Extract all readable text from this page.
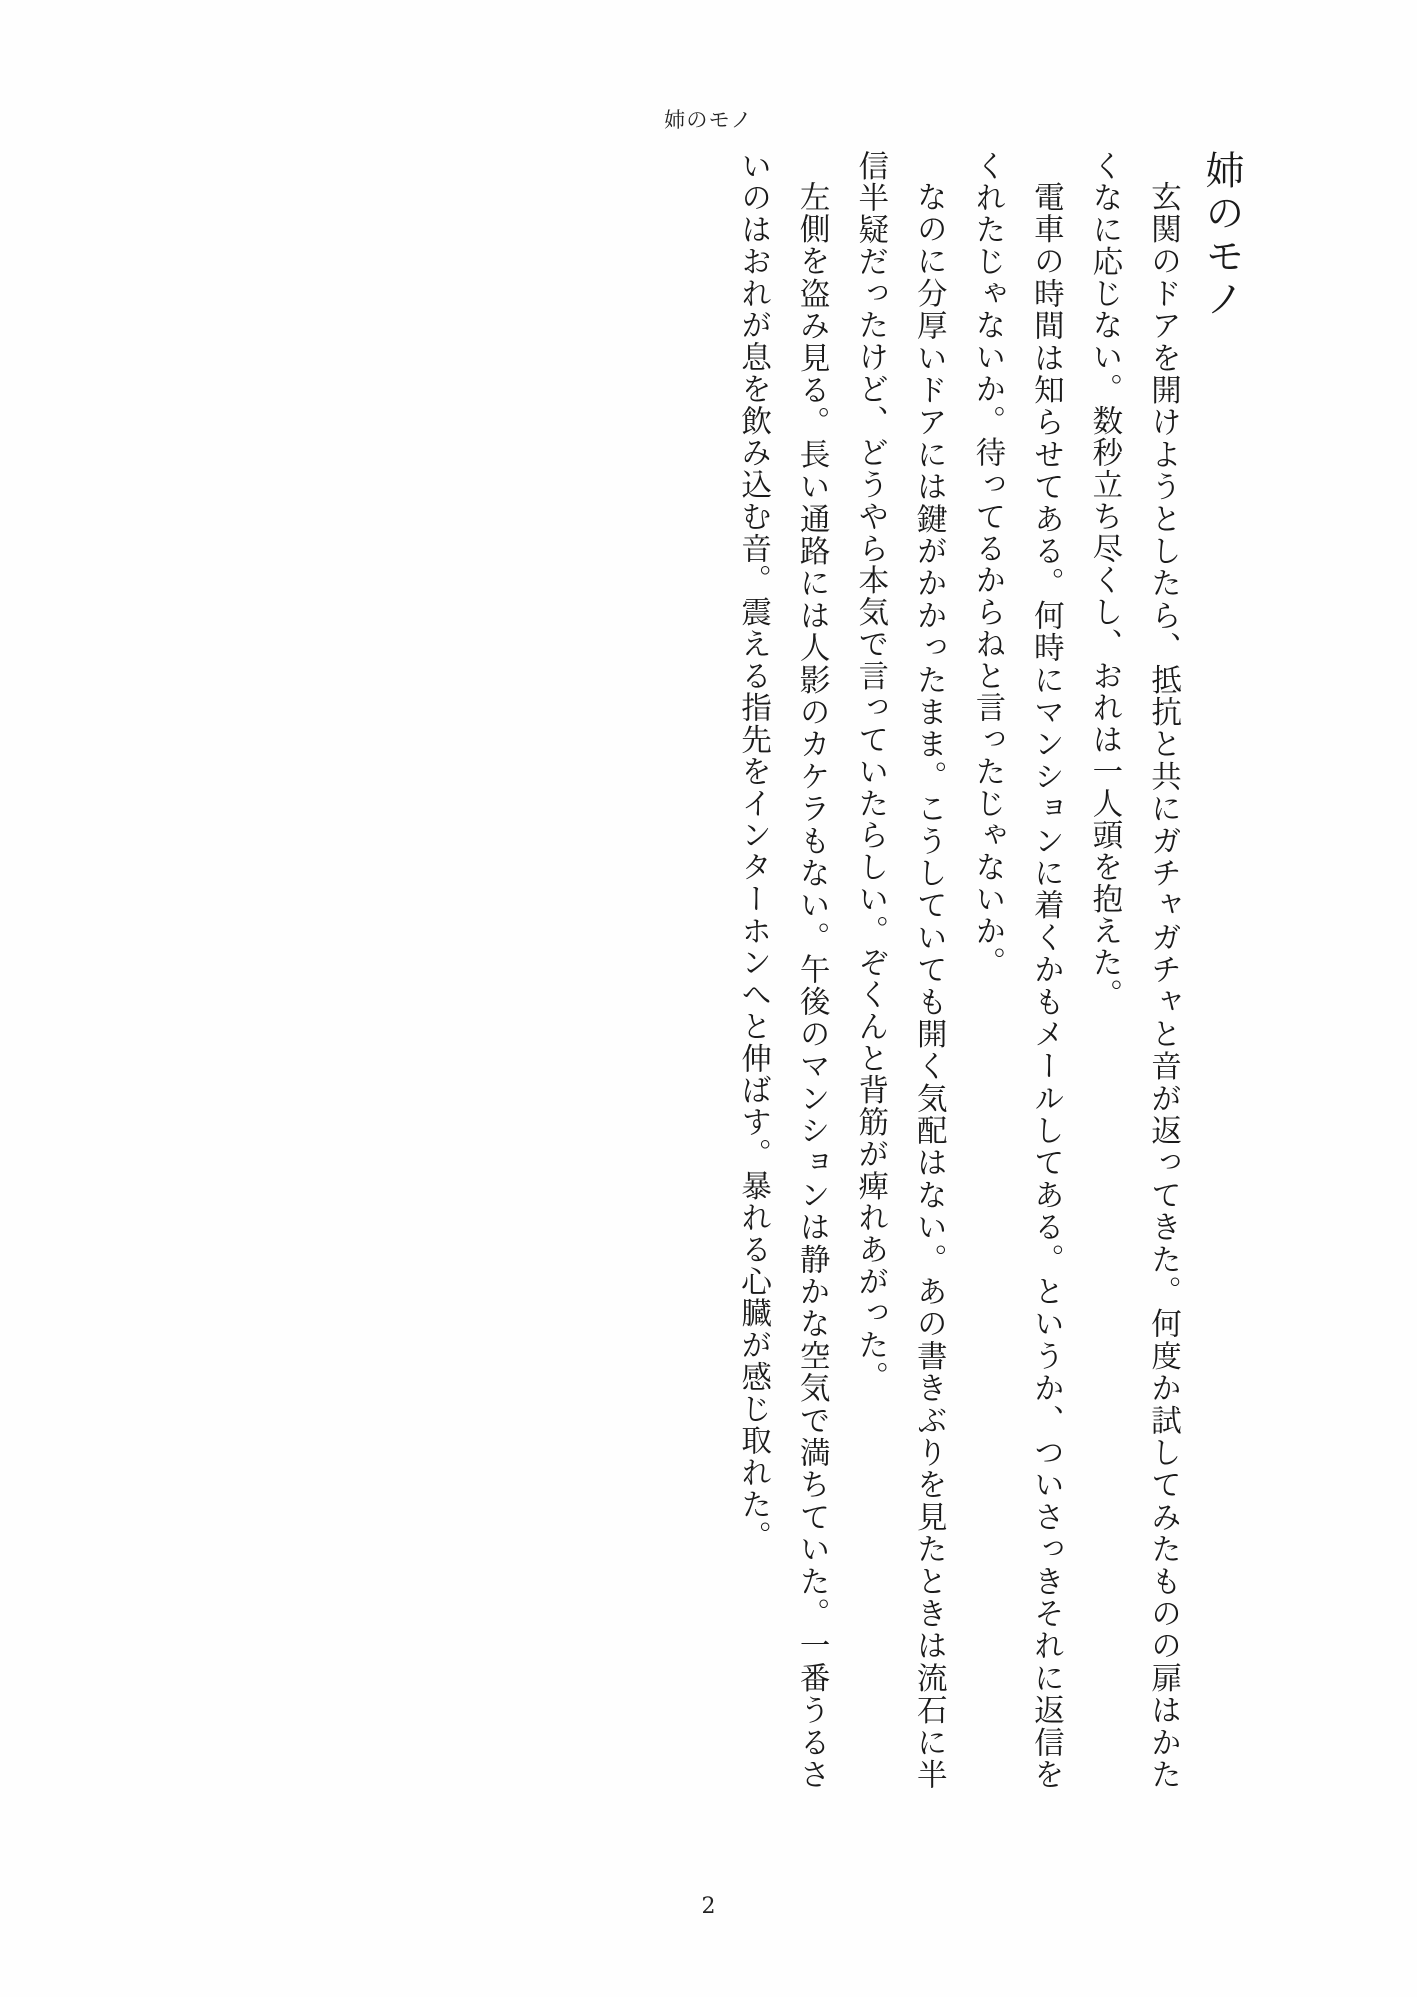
姉のモノ
姉のモノ

玄関のドアを開けようとしたら、抵抗と共にガチャガチャと音が返ってきた。何度か試してみたものの扉はかたくなに応じない。数秒立ち尽くし、おれは一人頭を抱えた。

電車の時間は知らせてある。何時にマンションに着くかもメールしてある。というか、ついさっきそれに返信をくれたじゃないか。待ってるからねと言ったじゃないか。

なのに分厚いドアには鍵がかかったまま。こうしていても開く気配はない。あの書きぶりを見たときは流石に半信半疑だったけど、どうやら本気で言っていたらしい。ぞくんと背筋が痺れあがった。

左側を盗み見る。長い通路には人影のカケラもない。午後のマンションは静かな空気で満ちていた。一番うるさいのはおれが息を飲み込む音。震える指先をインターホンへと伸ばす。暴れる心臓が感じ取れた。

2
